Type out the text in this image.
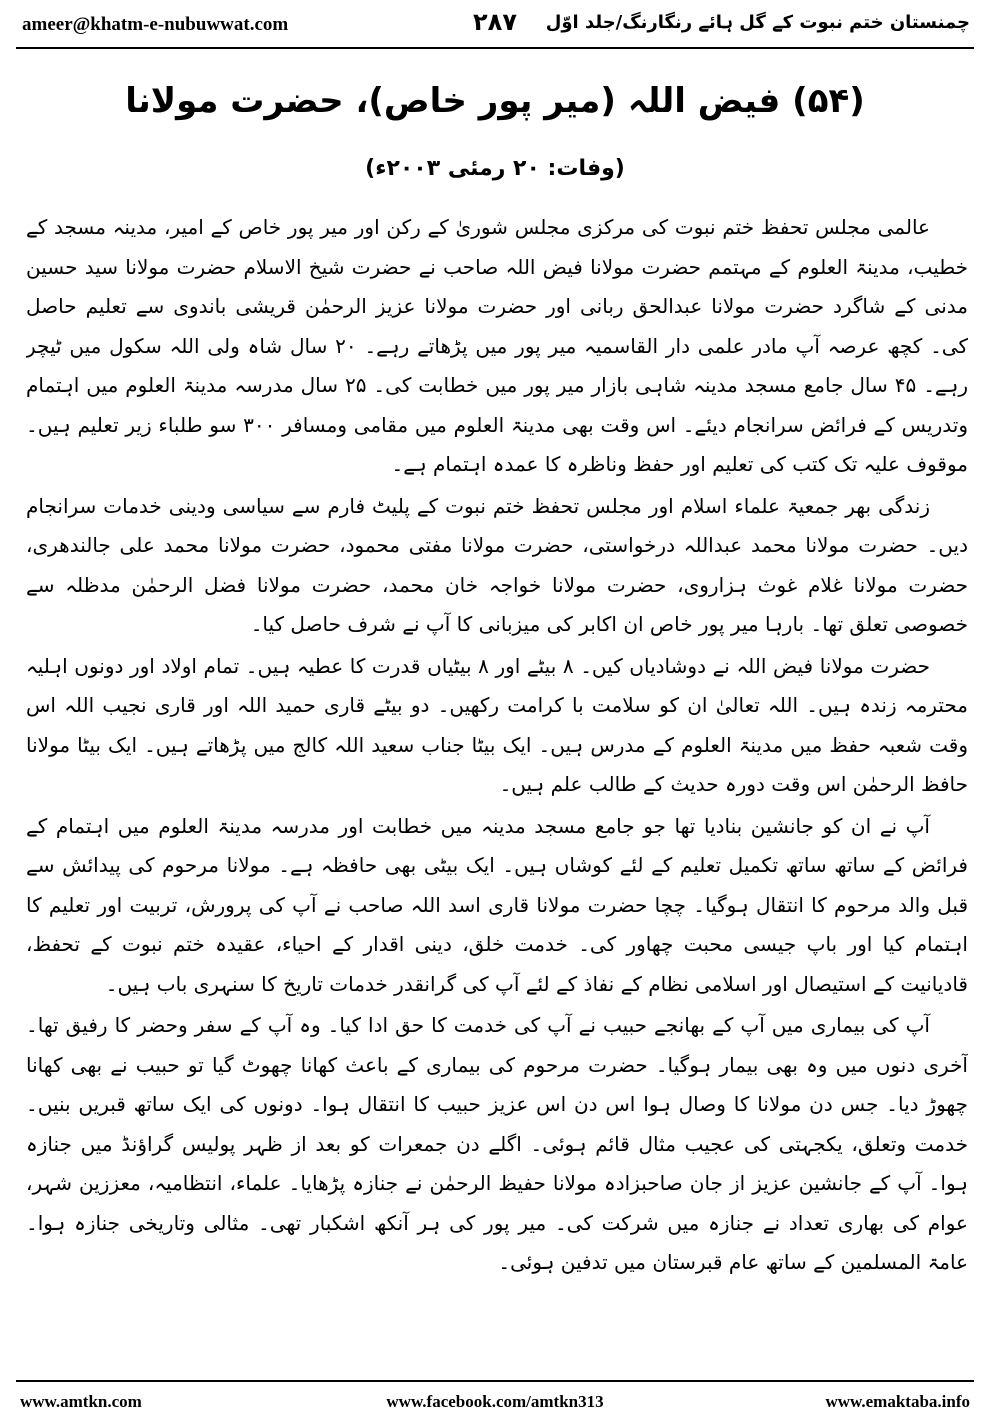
ameer@khatm-e-nubuwwat.com	۲۸۷	چمنستان ختم نبوت کے گل ہائے رنگارنگ/جلد اوّل
(۵۴) فیض اللہ (میر پور خاص)، حضرت مولانا
(وفات: ۲۰ رمئی ۲۰۰۳ء)

عالمی مجلس تحفظ ختم نبوت کی مرکزی مجلس شوریٰ کے رکن اور میر پور خاص کے امیر، مدینہ مسجد کے خطیب، مدینۃ العلوم کے مہتمم حضرت مولانا فیض اللہ صاحب نے حضرت شیخ الاسلام حضرت مولانا سید حسین مدنی کے شاگرد حضرت مولانا عبدالحق ربانی اور حضرت مولانا عزیز الرحمٰن قریشی باندوی سے تعلیم حاصل کی۔ کچھ عرصہ آپ مادر علمی دار القاسمیہ میر پور میں پڑھاتے رہے۔ ۲۰ سال شاہ ولی اللہ سکول میں ٹیچر رہے۔ ۴۵ سال جامع مسجد مدینہ شاہی بازار میر پور میں خطابت کی۔ ۲۵ سال مدرسہ مدینۃ العلوم میں اہتمام وتدریس کے فرائض سرانجام دیئے۔ اس وقت بھی مدینۃ العلوم میں مقامی ومسافر ۳۰۰ سو طلباء زیر تعلیم ہیں۔ موقوف علیہ تک کتب کی تعلیم اور حفظ وناظرہ کا عمدہ اہتمام ہے۔

زندگی بھر جمعیۃ علماء اسلام اور مجلس تحفظ ختم نبوت کے پلیٹ فارم سے سیاسی ودینی خدمات سرانجام دیں۔ حضرت مولانا محمد عبداللہ درخواستی، حضرت مولانا مفتی محمود، حضرت مولانا محمد علی جالندھری، حضرت مولانا غلام غوث ہزاروی، حضرت مولانا خواجہ خان محمد، حضرت مولانا فضل الرحمٰن مدظلہ سے خصوصی تعلق تھا۔ بارہا میر پور خاص ان اکابر کی میزبانی کا آپ نے شرف حاصل کیا۔

حضرت مولانا فیض اللہ نے دوشادیاں کیں۔ ۸ بیٹے اور ۸ بیٹیاں قدرت کا عطیہ ہیں۔ تمام اولاد اور دونوں اہلیہ محترمہ زندہ ہیں۔ اللہ تعالیٰ ان کو سلامت با کرامت رکھیں۔ دو بیٹے قاری حمید اللہ اور قاری نجیب اللہ اس وقت شعبہ حفظ میں مدینۃ العلوم کے مدرس ہیں۔ ایک بیٹا جناب سعید اللہ کالج میں پڑھاتے ہیں۔ ایک بیٹا مولانا حافظ الرحمٰن اس وقت دورہ حدیث کے طالب علم ہیں۔

آپ نے ان کو جانشین بنادیا تھا جو جامع مسجد مدینہ میں خطابت اور مدرسہ مدینۃ العلوم میں اہتمام کے فرائض کے ساتھ ساتھ تکمیل تعلیم کے لئے کوشاں ہیں۔ ایک بیٹی بھی حافظہ ہے۔ مولانا مرحوم کی پیدائش سے قبل والد مرحوم کا انتقال ہوگیا۔ چچا حضرت مولانا قاری اسد اللہ صاحب نے آپ کی پرورش، تربیت اور تعلیم کا اہتمام کیا اور باپ جیسی محبت چھاور کی۔ خدمت خلق، دینی اقدار کے احیاء، عقیدہ ختم نبوت کے تحفظ، قادیانیت کے استیصال اور اسلامی نظام کے نفاذ کے لئے آپ کی گرانقدر خدمات تاریخ کا سنہری باب ہیں۔

آپ کی بیماری میں آپ کے بھانجے حبیب نے آپ کی خدمت کا حق ادا کیا۔ وہ آپ کے سفر وحضر کا رفیق تھا۔ آخری دنوں میں وہ بھی بیمار ہوگیا۔ حضرت مرحوم کی بیماری کے باعث کھانا چھوٹ گیا تو حبیب نے بھی کھانا چھوڑ دیا۔ جس دن مولانا کا وصال ہوا اس دن اس عزیز حبیب کا انتقال ہوا۔ دونوں کی ایک ساتھ قبریں بنیں۔ خدمت وتعلق، یکجہتی کی عجیب مثال قائم ہوئی۔ اگلے دن جمعرات کو بعد از ظہر پولیس گراؤنڈ میں جنازہ ہوا۔ آپ کے جانشین عزیز از جان صاحبزادہ مولانا حفیظ الرحمٰن نے جنازہ پڑھایا۔ علماء، انتظامیہ، معززین شہر، عوام کی بھاری تعداد نے جنازہ میں شرکت کی۔ میر پور کی ہر آنکھ اشکبار تھی۔ مثالی وتاریخی جنازہ ہوا۔ عامۃ المسلمین کے ساتھ عام قبرستان میں تدفین ہوئی۔

www.amtkn.com	www.facebook.com/amtkn313	www.emaktaba.info
